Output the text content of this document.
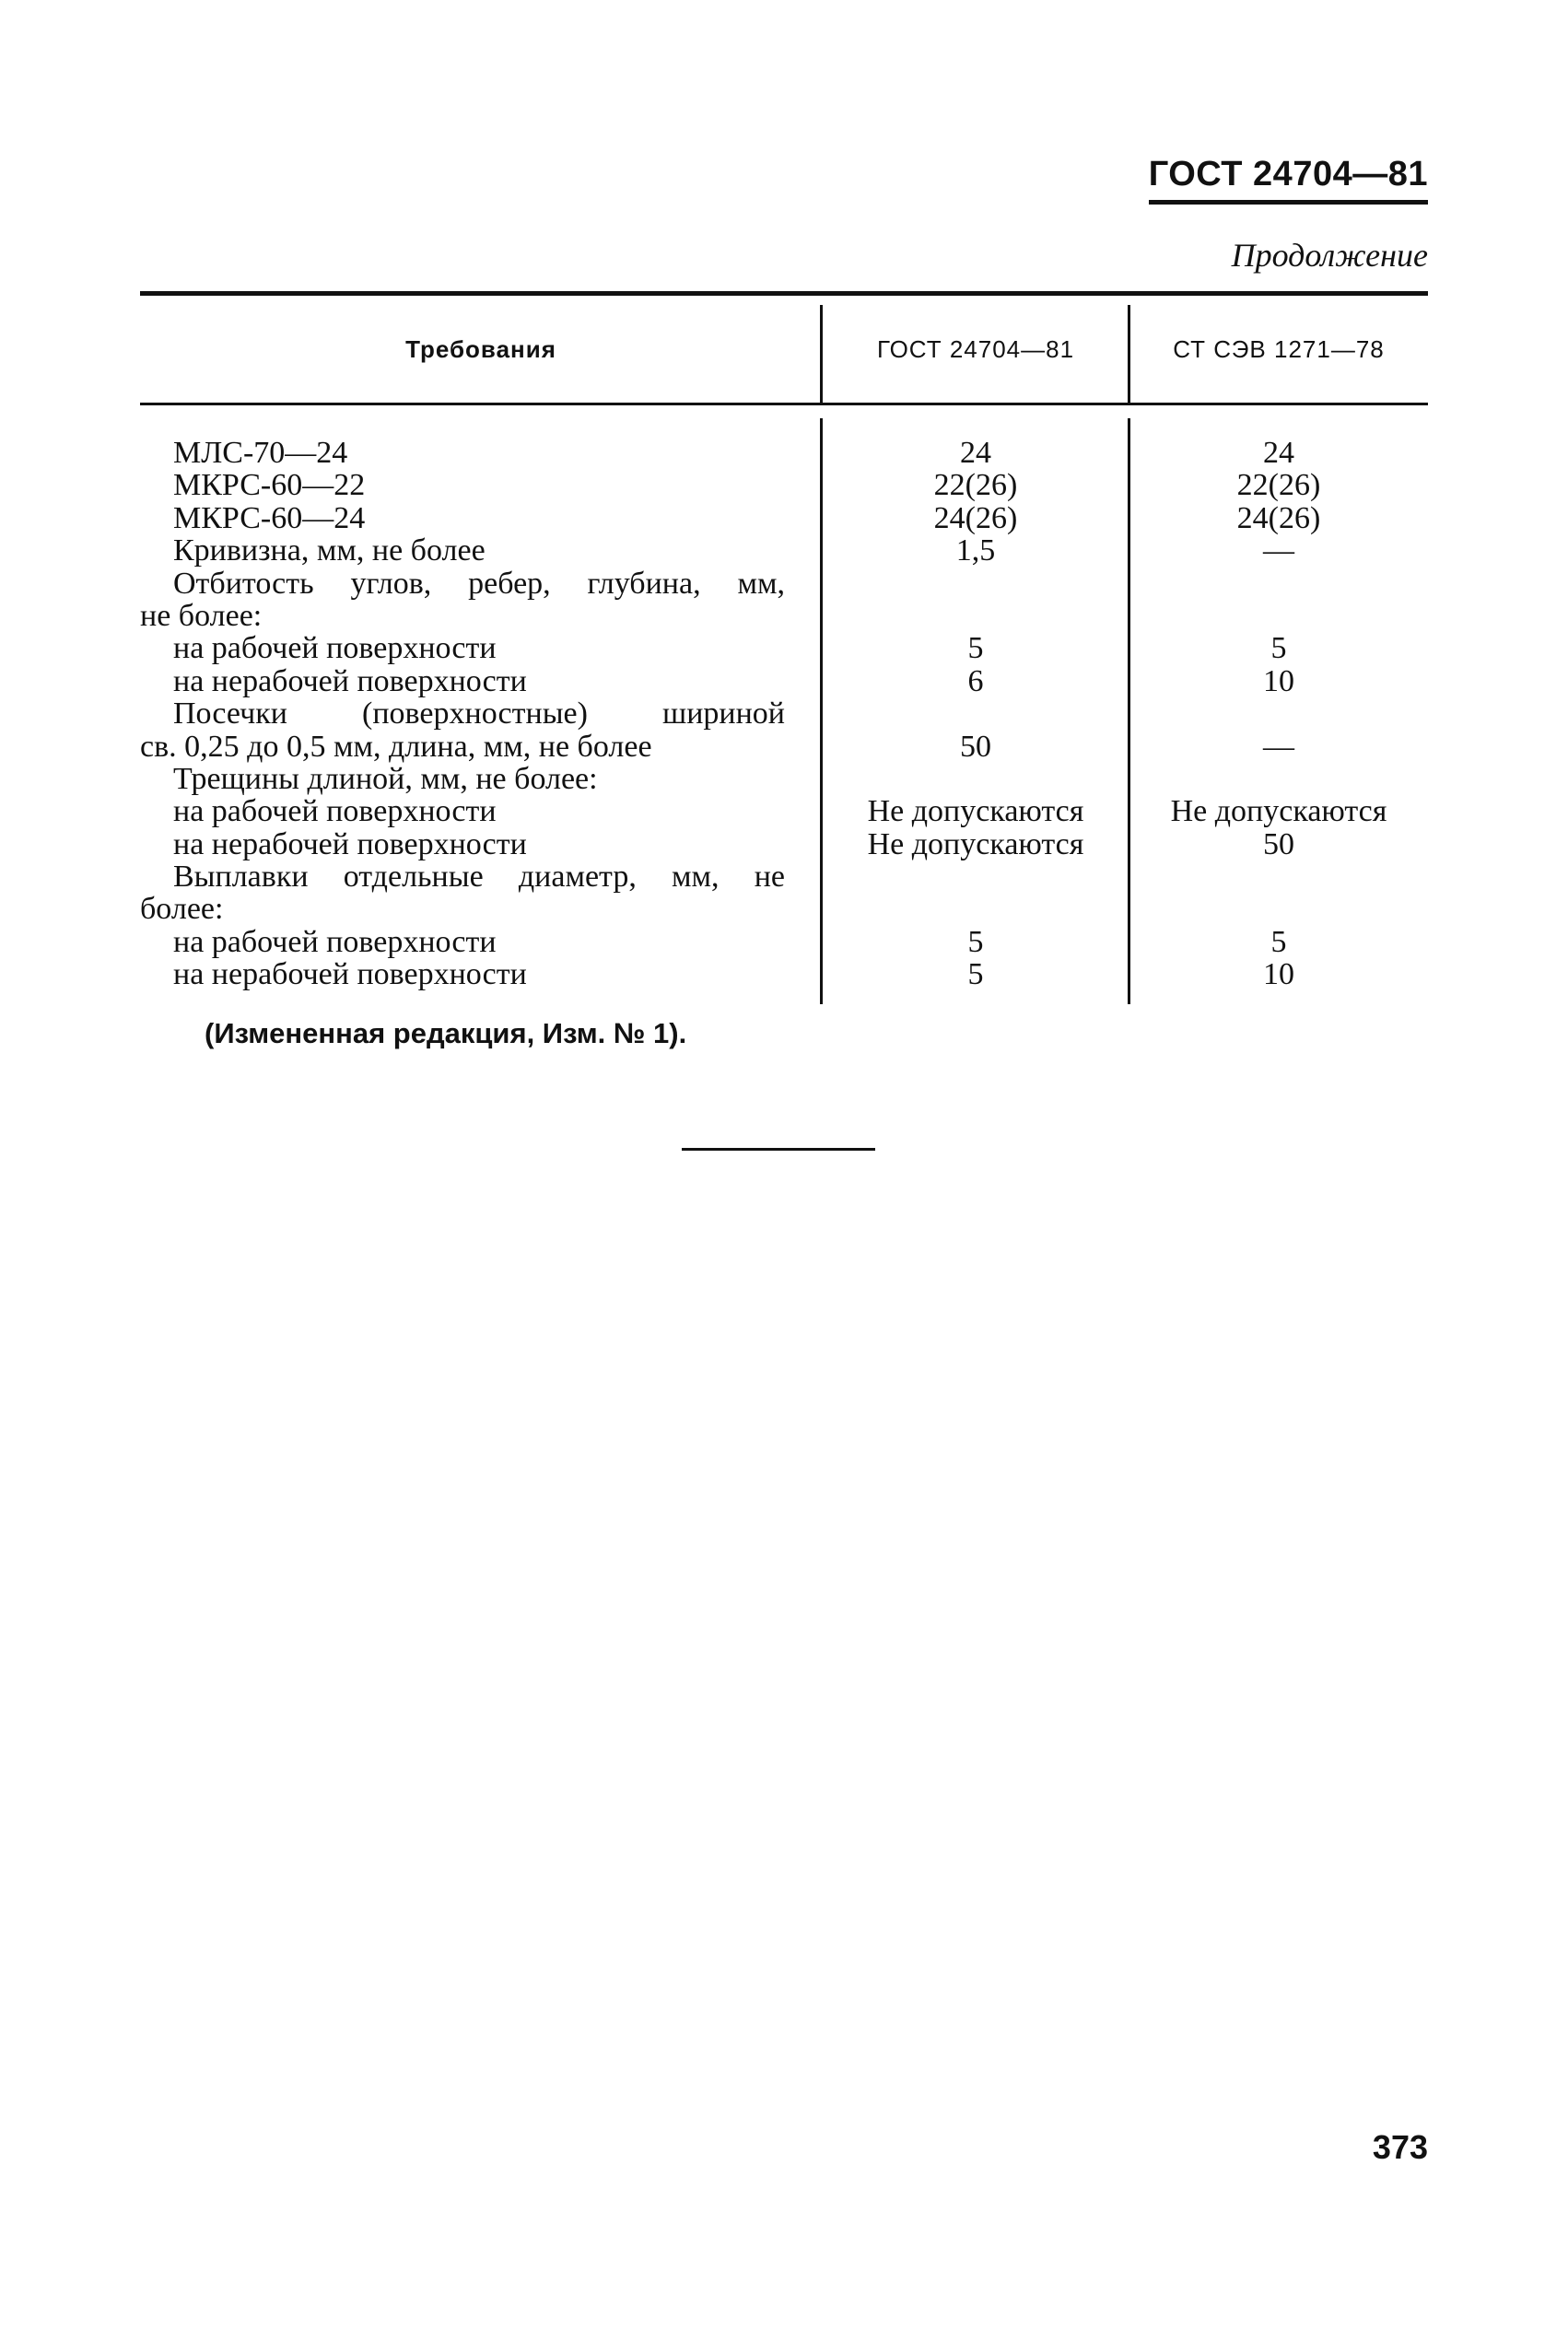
ГОСТ 24704—81
Продолжение
Требования	ГОСТ 24704—81	СТ СЭВ 1271—78
МЛС-70—24	24	24
МКРС-60—22	22(26)	22(26)
МКРС-60—24	24(26)	24(26)
Кривизна, мм, не более	1,5	—
Отбитость углов, ребер, глубина, мм,
не более:
на рабочей поверхности	5	5
на нерабочей поверхности	6	10
Посечки (поверхностные) шириной
св. 0,25 до 0,5 мм, длина, мм, не более	50	—
Трещины длиной, мм, не более:
на рабочей поверхности	Не допускаются	Не допускаются
на нерабочей поверхности	Не допускаются	50
Выплавки отдельные диаметр, мм, не
более:
на рабочей поверхности	5	5
на нерабочей поверхности	5	10
(Измененная редакция, Изм. № 1).
373
